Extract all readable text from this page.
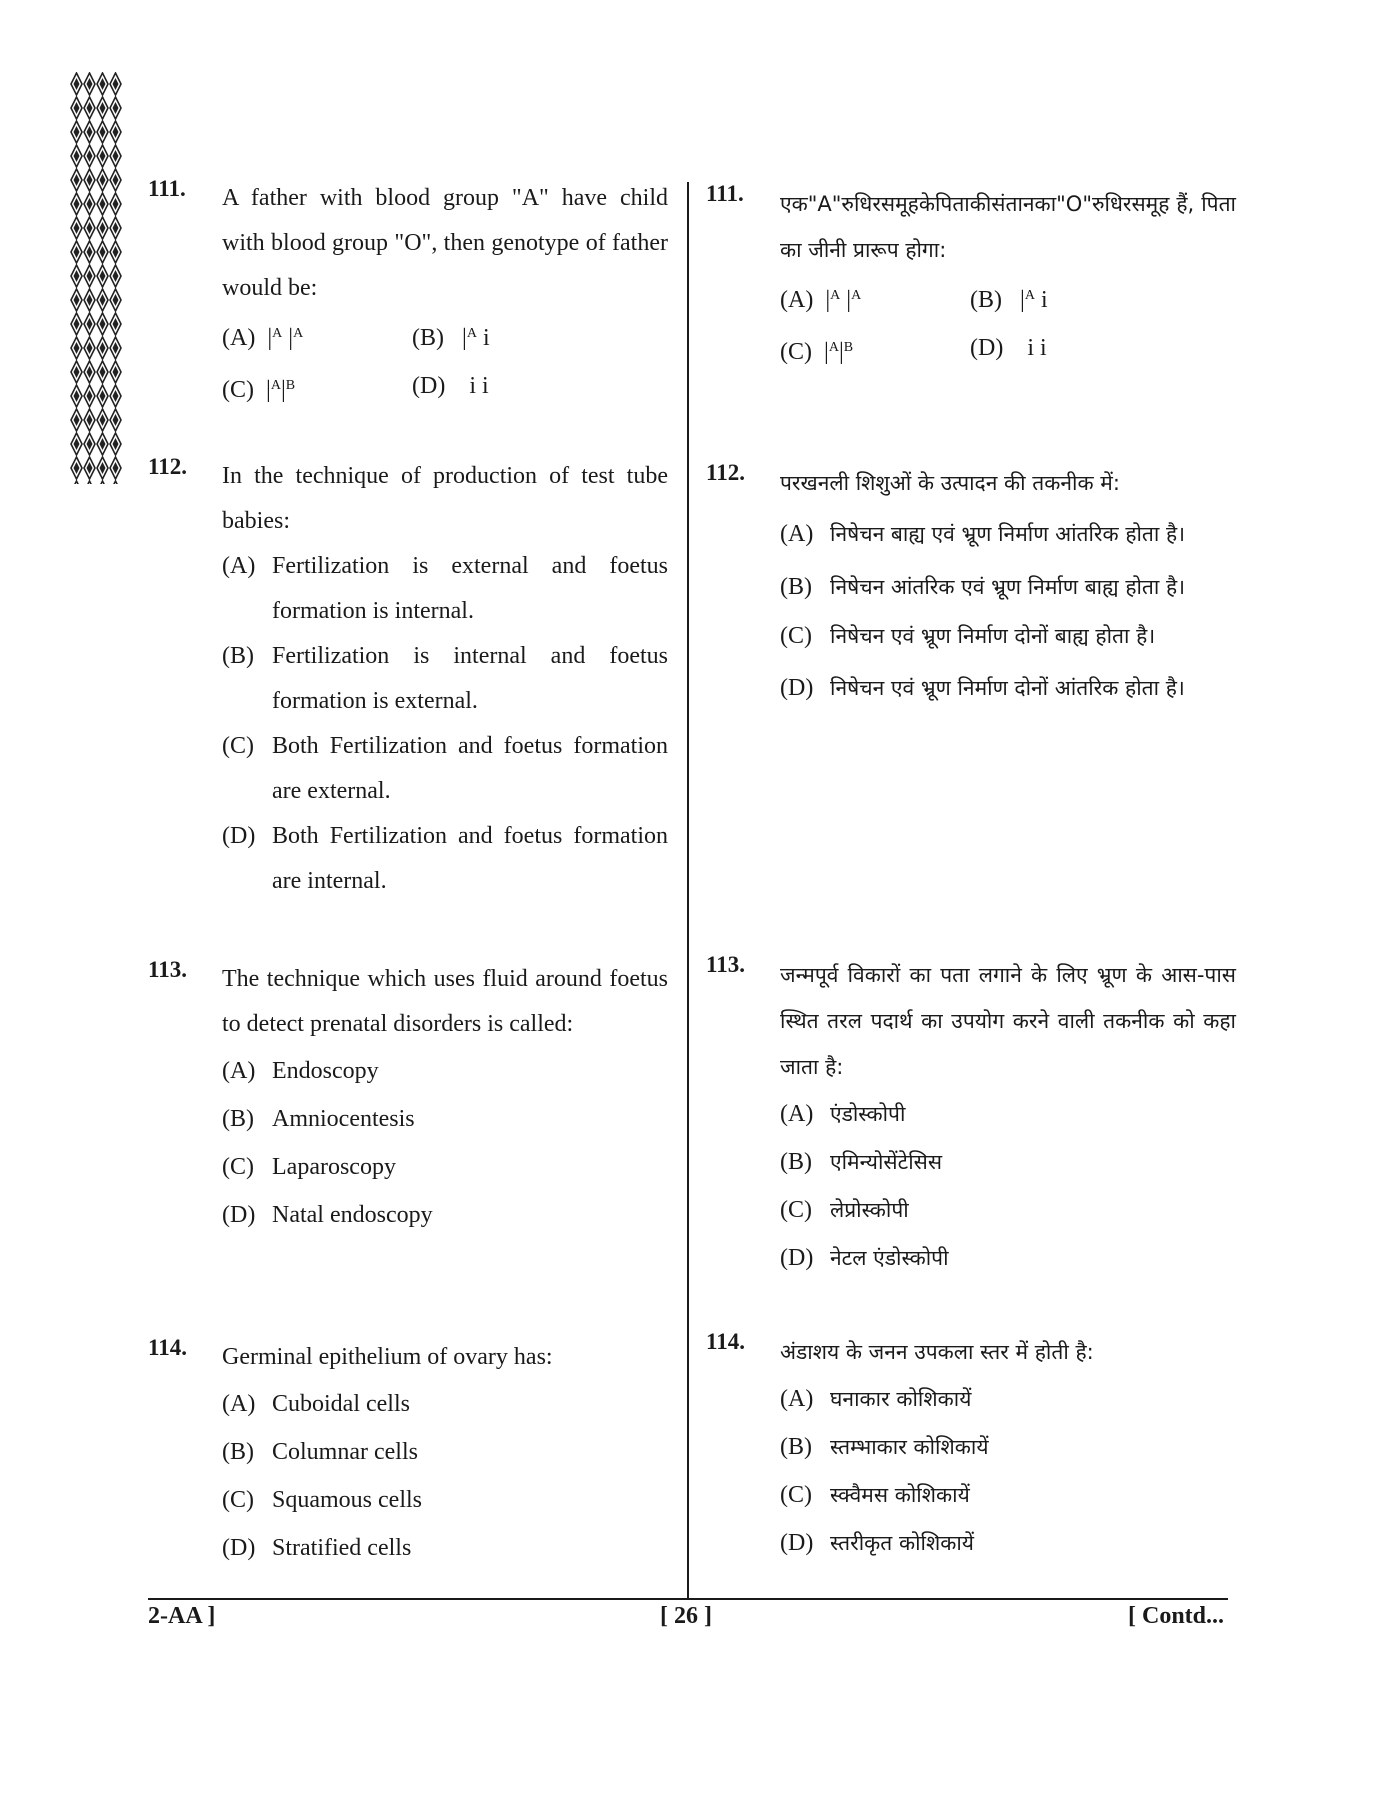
111. A father with blood group "A" have child with blood group "O", then genotype of father would be:
(A) $|^A$ $|^A$	(B) $|^A$ i
(C) $|^A|^B$	(D) i i
112. In the technique of production of test tube babies:
(A) Fertilization is external and foetus formation is internal.
(B) Fertilization is internal and foetus formation is external.
(C) Both Fertilization and foetus formation are external.
(D) Both Fertilization and foetus formation are internal.
113. The technique which uses fluid around foetus to detect prenatal disorders is called:
(A) Endoscopy
(B) Amniocentesis
(C) Laparoscopy
(D) Natal endoscopy
114. Germinal epithelium of ovary has:
(A) Cuboidal cells
(B) Columnar cells
(C) Squamous cells
(D) Stratified cells
111. एक"A"रुधिरसमूहकेपिताकीसंतानका"O"रुधिरसमूह हैं, पिता का जीनी प्रारूप होगा:
(A) $|^A$ $|^A$	(B) $|^A$ i
(C) $|^A|^B$	(D) i i
112. परखनली शिशुओं के उत्पादन की तकनीक में:
(A) निषेचन बाह्य एवं भ्रूण निर्माण आंतरिक होता है।
(B) निषेचन आंतरिक एवं भ्रूण निर्माण बाह्य होता है।
(C) निषेचन एवं भ्रूण निर्माण दोनों बाह्य होता है।
(D) निषेचन एवं भ्रूण निर्माण दोनों आंतरिक होता है।
113. जन्मपूर्व विकारों का पता लगाने के लिए भ्रूण के आस-पास स्थित तरल पदार्थ का उपयोग करने वाली तकनीक को कहा जाता है:
(A) एंडोस्कोपी
(B) एमिन्योसेंटेसिस
(C) लेप्रोस्कोपी
(D) नेटल एंडोस्कोपी
114. अंडाशय के जनन उपकला स्तर में होती है:
(A) घनाकार कोशिकायें
(B) स्तम्भाकार कोशिकायें
(C) स्क्वैमस कोशिकायें
(D) स्तरीकृत कोशिकायें
2-AA ]	[ 26 ]	[ Contd...
